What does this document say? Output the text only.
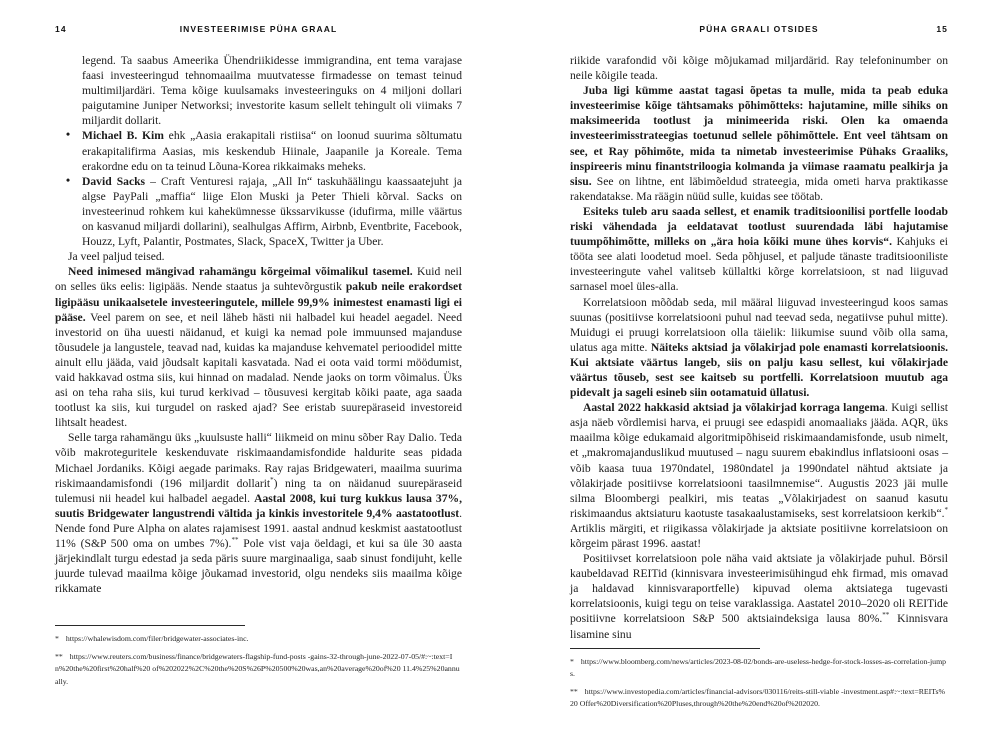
14	INVESTEERIMISE PÜHA GRAAL

legend. Ta saabus Ameerika Ühendriikidesse immigrandina, ent tema varajase faasi investeeringud tehnomaailma muutvatesse firmadesse on temast teinud multimiljardäri. Tema kõige kuulsamaks investeeringuks on 4 miljoni dollari paigutamine Juniper Networksi; investorite kasum sellelt tehingult oli viimaks 7 miljardit dollarit.

• Michael B. Kim ehk „Aasia erakapitali ristiisa“ on loonud suurima sõltumatu erakapitalifirma Aasias, mis keskendub Hiinale, Jaapanile ja Koreale. Tema erakordne edu on ta teinud Lõuna-Korea rikkaimaks meheks.
• David Sacks – Craft Venturesi rajaja, „All In“ taskuhäälingu kaassaatejuht ja algse PayPali „maffia“ liige Elon Muski ja Peter Thieli kõrval. Sacks on investeerinud rohkem kui kahekümnesse ükssarvikusse (idufirma, mille väärtus on kasvanud miljardi dollarini), sealhulgas Affirm, Airbnb, Eventbrite, Facebook, Houzz, Lyft, Palantir, Postmates, Slack, SpaceX, Twitter ja Uber.

Ja veel paljud teised.

Need inimesed mängivad rahamängu kõrgeimal võimalikul tasemel. Kuid neil on selles üks eelis: ligipääs. Nende staatus ja suhtevõrgustik pakub neile erakordset ligipääsu unikaalsetele investeeringutele, millele 99,9% inimestest enamasti ligi ei pääse. Veel parem on see, et neil läheb hästi nii halbadel kui headel aegadel. Need investorid on üha uuesti näidanud, et kuigi ka nemad pole immuunsed majanduse tõusudele ja langustele, teavad nad, kuidas ka majanduse kehvematel perioodidel mitte ainult ellu jääda, vaid jõudsalt kapitali kasvatada. Nad ei oota vaid tormi möödumist, vaid hakkavad ostma siis, kui hinnad on madalad. Nende jaoks on torm võimalus. Üks asi on teha raha siis, kui turud kerkivad – tõusuvesi kergitab kõiki paate, aga saada tootlust ka siis, kui turgudel on rasked ajad? See eristab suurepäraseid investoreid lihtsalt headest.

Selle targa rahamängu üks „kuulsuste halli“ liikmeid on minu sõber Ray Dalio. Teda võib makroteguritele keskenduvate riskimaandamisfondide haldurite seas pidada Michael Jordaniks. Kõigi aegade parimaks. Ray rajas Bridgewateri, maailma suurima riskimaandamisfondi (196 miljardit dollarit*) ning ta on näidanud suurepäraseid tulemusi nii headel kui halbadel aegadel. Aastal 2008, kui turg kukkus lausa 37%, suutis Bridgewater langustrendi vältida ja kinkis investoritele 9,4% aastatootlust. Nende fond Pure Alpha on alates rajamisest 1991. aastal andnud keskmist aastatootlust 11% (S&P 500 oma on umbes 7%).** Pole vist vaja öeldagi, et kui sa üle 30 aasta järjekindlalt turgu edestad ja seda päris suure marginaaliga, saab sinust fondijuht, kelle juurde tulevad maailma kõige jõukamad investorid, olgu nendeks siis maailma kõige rikkamate

* https://whalewisdom.com/filer/bridgewater-associates-inc.
** https://www.reuters.com/business/finance/bridgewaters-flagship-fund-posts -gains-32-through-june-2022-07-05/#:~:text=In%20the%20first%20half%20 of%202022%2C%20the%20S%26P%20500%20was,an%20average%20of%20 11.4%25%20annually.
PÜHA GRAALI OTSIDES	15

riikide varafondid või kõige mõjukamad miljardärid. Ray telefoninumber on neile kõigile teada.

Juba ligi kümme aastat tagasi õpetas ta mulle, mida ta peab eduka investeerimise kõige tähtsamaks põhimõtteks: hajutamine, mille sihiks on maksimeerida tootlust ja minimeerida riski. Olen ka omaenda investeerimisstrateegias toetunud sellele põhimõttele. Ent veel tähtsam on see, et Ray põhimõte, mida ta nimetab investeerimise Pühaks Graaliks, inspireeris minu finantstriloogia kolmanda ja viimase raamatu pealkirja ja sisu. See on lihtne, ent läbimõeldud strateegia, mida ometi harva praktikasse rakendatakse. Ma räägin nüüd sulle, kuidas see töötab.

Esiteks tuleb aru saada sellest, et enamik traditsioonilisi portfelle loodab riski vähendada ja eeldatavat tootlust suurendada läbi hajutamise tuumpõhimõtte, milleks on „ära hoia kõiki mune ühes korvis“. Kahjuks ei tööta see alati loodetud moel. Seda põhjusel, et paljude tänaste traditsiooniliste investeeringute vahel valitseb küllaltki kõrge korrelatsioon, st nad liiguvad sarnasel moel üles-alla.

Korrelatsioon mõõdab seda, mil määral liiguvad investeeringud koos samas suunas (positiivse korrelatsiooni puhul nad teevad seda, negatiivse puhul mitte). Muidugi ei pruugi korrelatsioon olla täielik: liikumise suund võib olla sama, ulatus aga mitte. Näiteks aktsiad ja võlakirjad pole enamasti korrelatsioonis. Kui aktsiate väärtus langeb, siis on palju kasu sellest, kui võlakirjade väärtus tõuseb, sest see kaitseb su portfelli. Korrelatsioon muutub aga pidevalt ja sageli esineb siin ootamatuid üllatusi.

Aastal 2022 hakkasid aktsiad ja võlakirjad korraga langema. Kuigi sellist asja näeb võrdlemisi harva, ei pruugi see edaspidi anomaaliaks jääda. AQR, üks maailma kõige edukamaid algoritmipõhiseid riskimaandamisfonde, usub nimelt, et „makromajanduslikud muutused – nagu suurem ebakindlus inflatsiooni osas – võib kaasa tuua 1970ndatel, 1980ndatel ja 1990ndatel nähtud aktsiate ja võlakirjade positiivse korrelatsiooni taasilmnemise“. Augustis 2023 jäi mulle silma Bloombergi pealkiri, mis teatas „Võlakirjadest on saanud kasutu riskimaandus aktsiaturu kaotuste tasakaalustamiseks, sest korrelatsioon kerkib“.* Artiklis märgiti, et riigikassa võlakirjade ja aktsiate positiivne korrelatsioon on kõrgeim pärast 1996. aastat!

Positiivset korrelatsioon pole näha vaid aktsiate ja võlakirjade puhul. Börsil kaubeldavad REITid (kinnisvara investeerimisühingud ehk firmad, mis omavad ja haldavad kinnisvaraportfelle) kipuvad olema aktsiatega tugevasti korrelatsioonis, kuigi tegu on teise varaklassiga. Aastatel 2010–2020 oli REITide positiivne korrelatsioon S&P 500 aktsiaindeksiga lausa 80%.** Kinnisvara lisamine sinu

* https://www.bloomberg.com/news/articles/2023-08-02/bonds-are-useless-hedge-for-stock-losses-as-correlation-jumps.
** https://www.investopedia.com/articles/financial-advisors/030116/reits-still-viable -investment.asp#:~:text=REITs%20 Offer%20Diversification%20Pluses,through%20the%20end%20of%202020.
